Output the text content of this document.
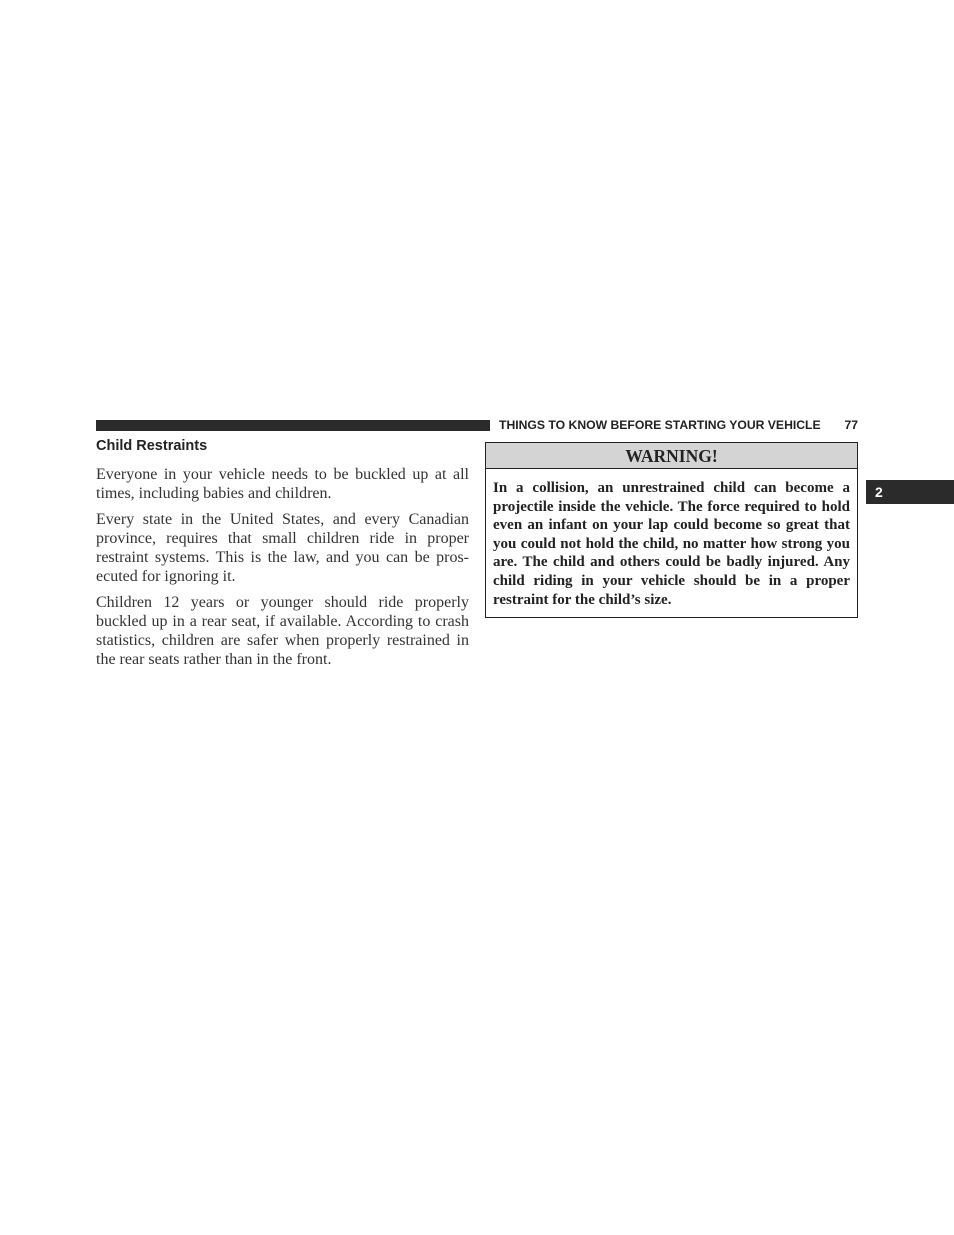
THINGS TO KNOW BEFORE STARTING YOUR VEHICLE 77
Child Restraints

Everyone in your vehicle needs to be buckled up at all times, including babies and children.

Every state in the United States, and every Canadian province, requires that small children ride in proper restraint systems. This is the law, and you can be pros-ecuted for ignoring it.

Children 12 years or younger should ride properly buckled up in a rear seat, if available. According to crash statistics, children are safer when properly restrained in the rear seats rather than in the front.

WARNING!
In a collision, an unrestrained child can become a projectile inside the vehicle. The force required to hold even an infant on your lap could become so great that you could not hold the child, no matter how strong you are. The child and others could be badly injured. Any child riding in your vehicle should be in a proper restraint for the child’s size.
2
